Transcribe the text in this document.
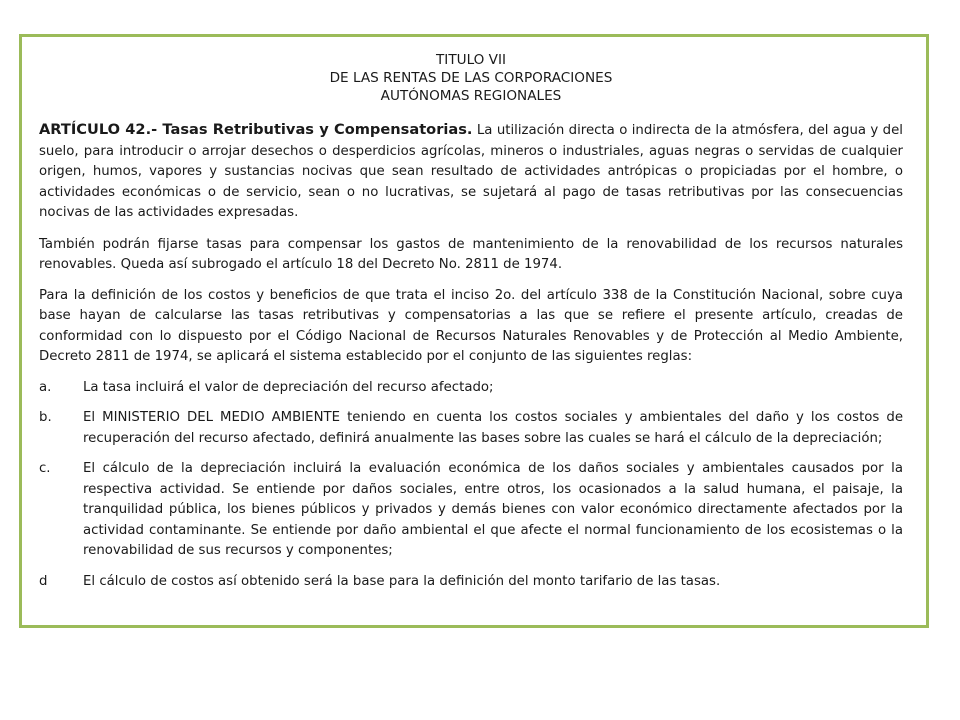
TITULO VII
DE LAS RENTAS DE LAS CORPORACIONES
AUTÓNOMAS REGIONALES

ARTÍCULO 42.- Tasas Retributivas y Compensatorias. La utilización directa o indirecta de la atmósfera, del agua y del suelo, para introducir o arrojar desechos o desperdicios agrícolas, mineros o industriales, aguas negras o servidas de cualquier origen, humos, vapores y sustancias nocivas que sean resultado de actividades antrópicas o propiciadas por el hombre, o actividades económicas o de servicio, sean o no lucrativas, se sujetará al pago de tasas retributivas por las consecuencias nocivas de las actividades expresadas.

También podrán fijarse tasas para compensar los gastos de mantenimiento de la renovabilidad de los recursos naturales renovables. Queda así subrogado el artículo 18 del Decreto No. 2811 de 1974.

Para la definición de los costos y beneficios de que trata el inciso 2o. del artículo 338 de la Constitución Nacional, sobre cuya base hayan de calcularse las tasas retributivas y compensatorias a las que se refiere el presente artículo, creadas de conformidad con lo dispuesto por el Código Nacional de Recursos Naturales Renovables y de Protección al Medio Ambiente, Decreto 2811 de 1974, se aplicará el sistema establecido por el conjunto de las siguientes reglas:

a.	La tasa incluirá el valor de depreciación del recurso afectado;
b.	El MINISTERIO DEL MEDIO AMBIENTE teniendo en cuenta los costos sociales y ambientales del daño y los costos de recuperación del recurso afectado, definirá anualmente las bases sobre las cuales se hará el cálculo de la depreciación;
c.	El cálculo de la depreciación incluirá la evaluación económica de los daños sociales y ambientales causados por la respectiva actividad. Se entiende por daños sociales, entre otros, los ocasionados a la salud humana, el paisaje, la tranquilidad pública, los bienes públicos y privados y demás bienes con valor económico directamente afectados por la actividad contaminante. Se entiende por daño ambiental el que afecte el normal funcionamiento de los ecosistemas o la renovabilidad de sus recursos y componentes;
d	El cálculo de costos así obtenido será la base para la definición del monto tarifario de las tasas.
